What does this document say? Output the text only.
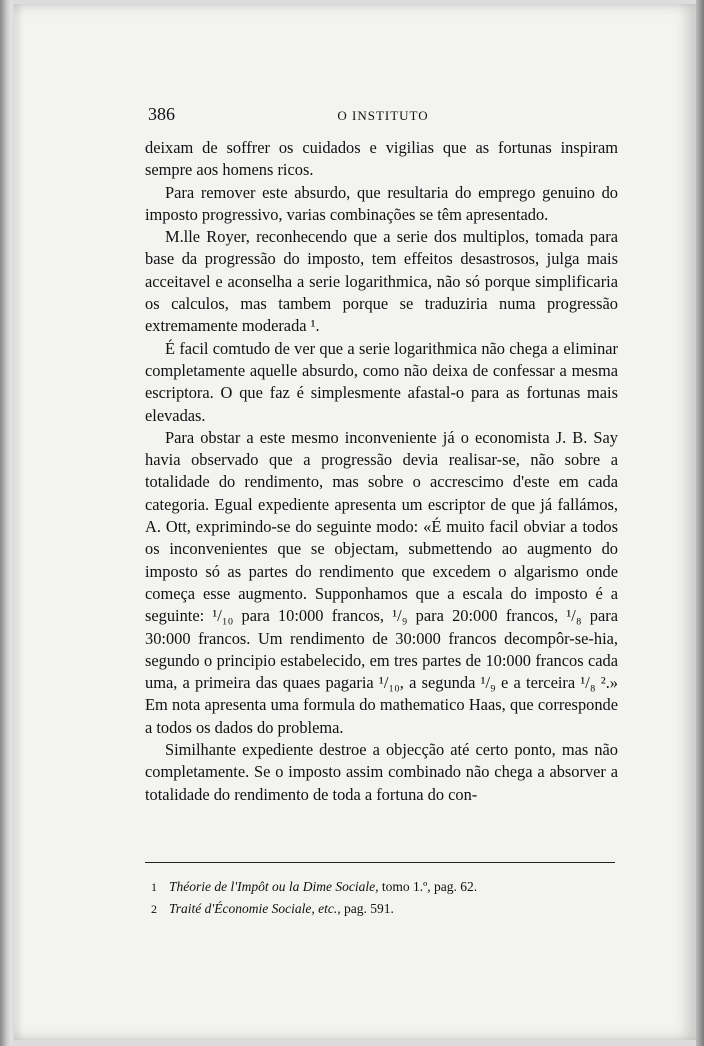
386	O INSTITUTO

deixam de soffrer os cuidados e vigilias que as fortunas inspiram sempre aos homens ricos.

Para remover este absurdo, que resultaria do emprego genuino do imposto progressivo, varias combinações se têm apresentado.

M.lle Royer, reconhecendo que a serie dos multiplos, tomada para base da progressão do imposto, tem effeitos desastrosos, julga mais acceitavel e aconselha a serie logarithmica, não só porque simplificaria os calculos, mas tambem porque se traduziria numa progressão extremamente moderada ¹.

É facil comtudo de ver que a serie logarithmica não chega a eliminar completamente aquelle absurdo, como não deixa de confessar a mesma escriptora. O que faz é simplesmente afastal-o para as fortunas mais elevadas.

Para obstar a este mesmo inconveniente já o economista J. B. Say havia observado que a progressão devia realisar-se, não sobre a totalidade do rendimento, mas sobre o accrescimo d'este em cada categoria. Egual expediente apresenta um escriptor de que já fallámos, A. Ott, exprimindo-se do seguinte modo: «É muito facil obviar a todos os inconvenientes que se objectam, submettendo ao augmento do imposto só as partes do rendimento que excedem o algarismo onde começa esse augmento. Supponhamos que a escala do imposto é a seguinte: ¹/₁₀ para 10:000 francos, ¹/₉ para 20:000 francos, ¹/₈ para 30:000 francos. Um rendimento de 30:000 francos decompôr-se-hia, segundo o principio estabelecido, em tres partes de 10:000 francos cada uma, a primeira das quaes pagaria ¹/₁₀, a segunda ¹/₉ e a terceira ¹/₈ ².» Em nota apresenta uma formula do mathematico Haas, que corresponde a todos os dados do problema.

Similhante expediente destroe a objecção até certo ponto, mas não completamente. Se o imposto assim combinado não chega a absorver a totalidade do rendimento de toda a fortuna do con-

1 Théorie de l'Impôt ou la Dime Sociale, tomo 1.º, pag. 62.
2 Traité d'Économie Sociale, etc., pag. 591.
